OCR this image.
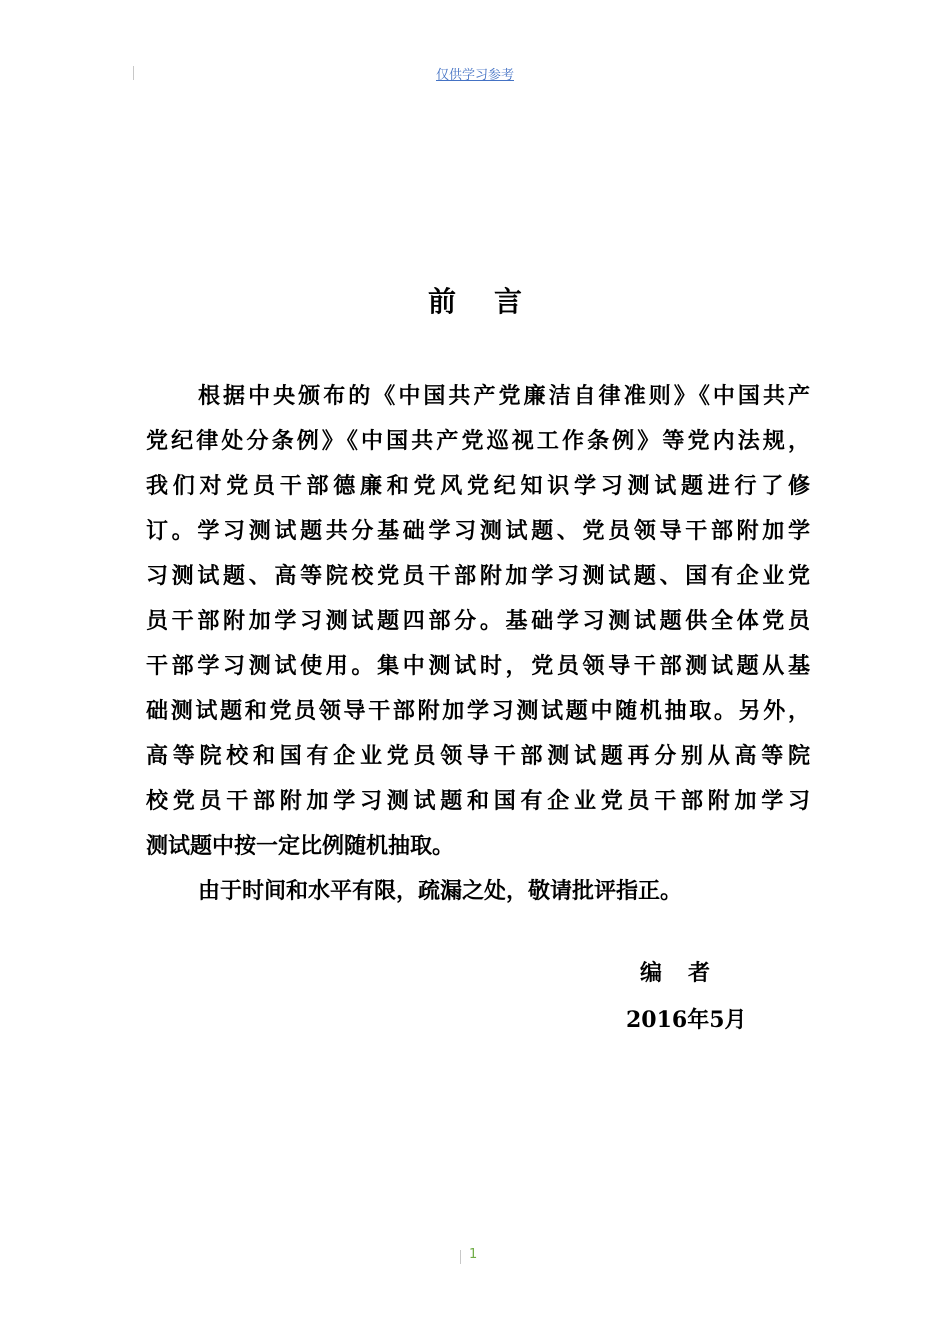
仅供学习参考
前 言
根据中央颁布的《中国共产党廉洁自律准则》《中国共产
党纪律处分条例》《中国共产党巡视工作条例》等党内法规，
我们对党员干部德廉和党风党纪知识学习测试题进行了修
订。学习测试题共分基础学习测试题、党员领导干部附加学
习测试题、高等院校党员干部附加学习测试题、国有企业党
员干部附加学习测试题四部分。基础学习测试题供全体党员
干部学习测试使用。集中测试时，党员领导干部测试题从基
础测试题和党员领导干部附加学习测试题中随机抽取。另外，
高等院校和国有企业党员领导干部测试题再分别从高等院
校党员干部附加学习测试题和国有企业党员干部附加学习
测试题中按一定比例随机抽取。
由于时间和水平有限，疏漏之处，敬请批评指正。
编 者
2016年5月
1
